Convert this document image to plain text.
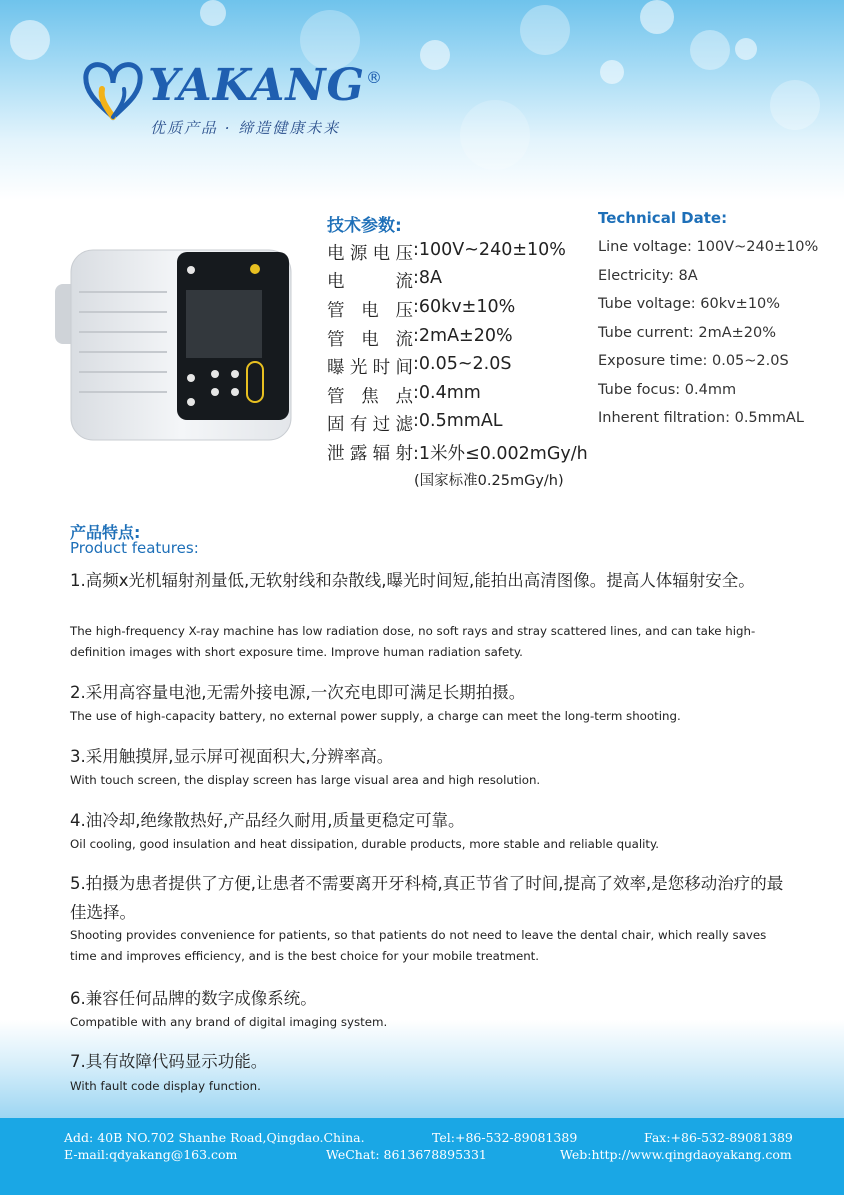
YAKANG ®
优质产品 · 缔造健康未来
技术参数:
电源电压 :100V~240±10%
电流 :8A
管电压 :60kv±10%
管电流 :2mA±20%
曝光时间 :0.05~2.0S
管焦点 :0.4mm
固有过滤 :0.5mmAL
泄露辐射 :1米外≤0.002mGy/h
(国家标准0.25mGy/h)
Technical Date:
Line voltage: 100V~240±10%
Electricity: 8A
Tube voltage: 60kv±10%
Tube current: 2mA±20%
Exposure time: 0.05~2.0S
Tube focus: 0.4mm
Inherent filtration: 0.5mmAL
产品特点:
Product features:
1.高频x光机辐射剂量低,无软射线和杂散线,曝光时间短,能拍出高清图像。提高人体辐射安全。
The high-frequency X-ray machine has low radiation dose, no soft rays and stray scattered lines, and can take high-definition images with short exposure time. Improve human radiation safety.
2.采用高容量电池,无需外接电源,一次充电即可满足长期拍摄。
The use of high-capacity battery, no external power supply, a charge can meet the long-term shooting.
3.采用触摸屏,显示屏可视面积大,分辨率高。
With touch screen, the display screen has large visual area and high resolution.
4.油冷却,绝缘散热好,产品经久耐用,质量更稳定可靠。
Oil cooling, good insulation and heat dissipation, durable products, more stable and reliable quality.
5.拍摄为患者提供了方便,让患者不需要离开牙科椅,真正节省了时间,提高了效率,是您移动治疗的最佳选择。
Shooting provides convenience for patients, so that patients do not need to leave the dental chair, which really saves time and improves efficiency, and is the best choice for your mobile treatment.
6.兼容任何品牌的数字成像系统。
Compatible with any brand of digital imaging system.
7.具有故障代码显示功能。
With fault code display function.
Add: 40B NO.702 Shanhe Road,Qingdao.China.	Tel:+86-532-89081389	Fax:+86-532-89081389
E-mail:qdyakang@163.com	WeChat: 8613678895331	Web:http://www.qingdaoyakang.com
